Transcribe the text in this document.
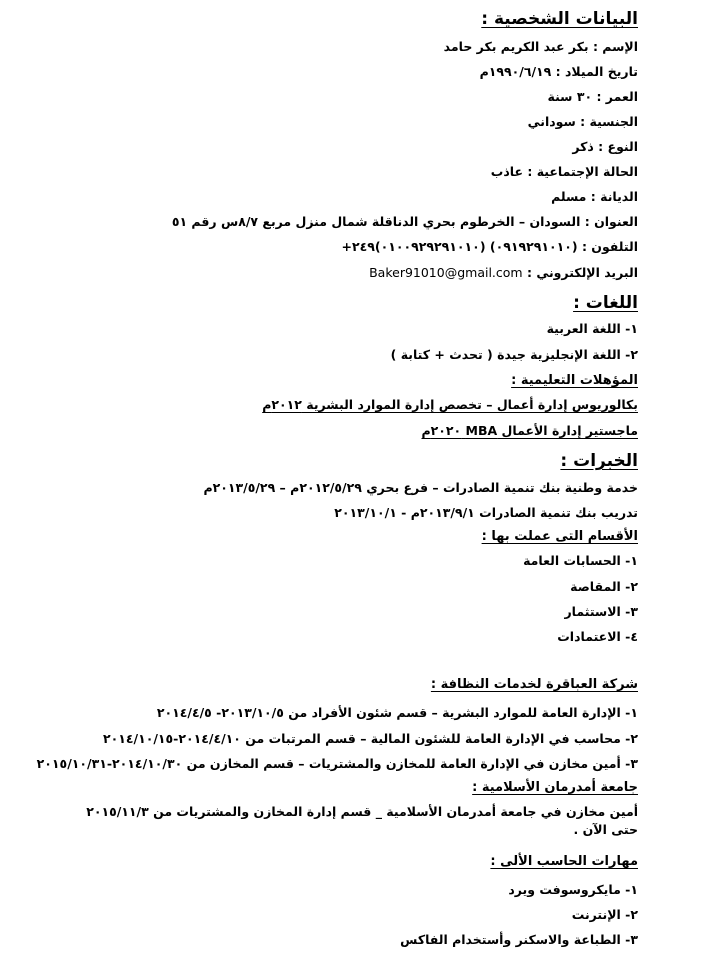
البيانات الشخصية :
الإسم : بكر عبد الكريم بكر حامد
تاريخ الميلاد : ١٩٩٠/٦/١٩م
العمر : ٣٠ سنة
الجنسية : سوداني
النوع : ذكر
الحالة الإجتماعية : عاذب
الديانة : مسلم
العنوان : السودان – الخرطوم بحري الدناقلة شمال منزل مربع ٨/٧س رقم ٥١
التلفون : (٠٩١٩٢٩١٠١٠) (٠١٠٠٩٢٩٢٩١٠١٠)٢٤٩+
البريد الإلكتروني : Baker91010@gmail.com
اللغات :
١- اللغة العربية
٢- اللغة الإنجليزية جيدة ( تحدث + كتابة )
المؤهلات التعليمية :
بكالوريوس إدارة أعمال – تخصص إدارة الموارد البشرية ٢٠١٢م
ماجستير إدارة الأعمال MBA ٢٠٢٠م
الخبرات :
خدمة وطنية بنك تنمية الصادرات – فرع بحري ٢٠١٢/٥/٢٩م – ٢٠١٣/٥/٢٩م
تدريب بنك تنمية الصادرات ٢٠١٣/٩/١م - ٢٠١٣/١٠/١
الأقسام التى عملت بها :
١- الحسابات العامة
٢- المقاصة
٣- الاستثمار
٤- الاعتمادات
شركة العباقرة لخدمات النظافة :
١- الإدارة العامة للموارد البشرية – قسم شئون الأفراد من ٢٠١٣/١٠/٥- ٢٠١٤/٤/٥
٢- محاسب في الإدارة العامة للشئون المالية – قسم المرتبات من ٢٠١٤/٤/١٠-٢٠١٤/١٠/١٥
٣- أمين مخازن في الإدارة العامة للمخازن والمشتريات – قسم المخازن من ٢٠١٤/١٠/٣٠-٢٠١٥/١٠/٣١
جامعة أمدرمان الأسلامية :
أمين مخازن في جامعة أمدرمان الأسلامية _ قسم إدارة المخازن والمشتريات من ٢٠١٥/١١/٣ حتى الآن .
مهارات الحاسب الألى :
١- مايكروسوفت ويرد
٢- الإنترنت
٣- الطباعة والاسكنر وأستخدام الفاكس
